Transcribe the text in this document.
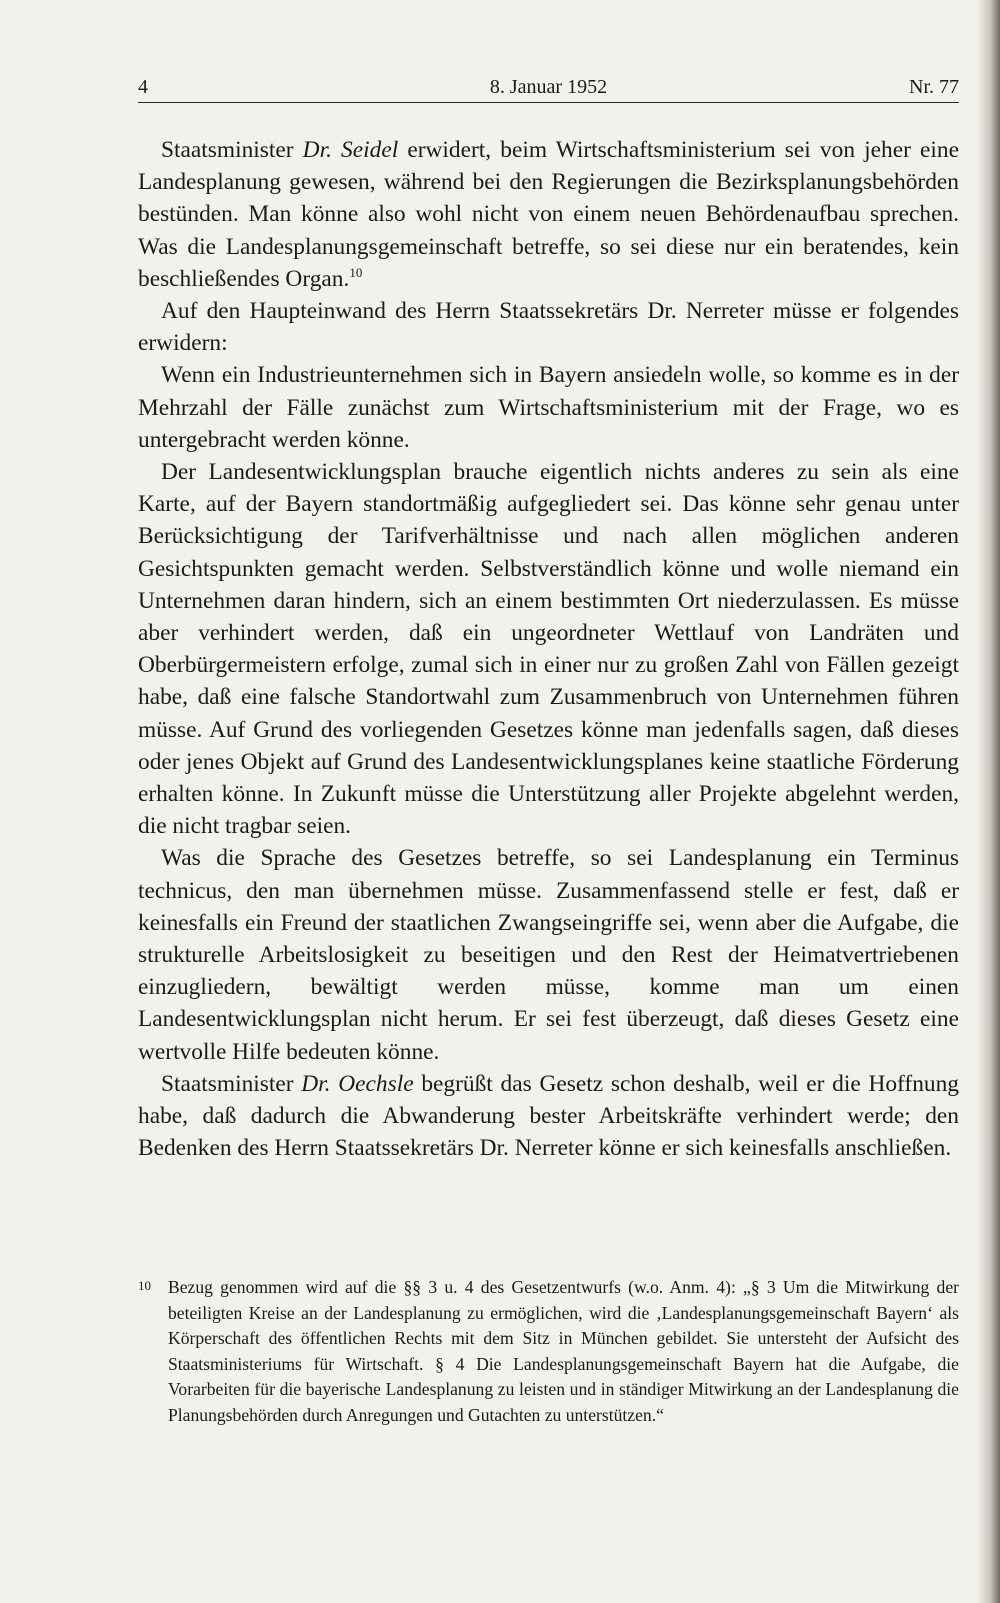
4	8. Januar 1952	Nr. 77

Staatsminister Dr. Seidel erwidert, beim Wirtschaftsministerium sei von jeher eine Landesplanung gewesen, während bei den Regierungen die Bezirksplanungsbehörden bestünden. Man könne also wohl nicht von einem neuen Behördenaufbau sprechen. Was die Landesplanungsgemeinschaft betreffe, so sei diese nur ein beratendes, kein beschließendes Organ.$^{10}$

Auf den Haupteinwand des Herrn Staatssekretärs Dr. Nerreter müsse er folgendes erwidern:

Wenn ein Industrieunternehmen sich in Bayern ansiedeln wolle, so komme es in der Mehrzahl der Fälle zunächst zum Wirtschaftsministerium mit der Frage, wo es untergebracht werden könne.

Der Landesentwicklungsplan brauche eigentlich nichts anderes zu sein als eine Karte, auf der Bayern standortmäßig aufgegliedert sei. Das könne sehr genau unter Berücksichtigung der Tarifverhältnisse und nach allen möglichen anderen Gesichtspunkten gemacht werden. Selbstverständlich könne und wolle niemand ein Unternehmen daran hindern, sich an einem bestimmten Ort niederzulassen. Es müsse aber verhindert werden, daß ein ungeordneter Wettlauf von Landräten und Oberbürgermeistern erfolge, zumal sich in einer nur zu großen Zahl von Fällen gezeigt habe, daß eine falsche Standortwahl zum Zusammenbruch von Unternehmen führen müsse. Auf Grund des vorliegenden Gesetzes könne man jedenfalls sagen, daß dieses oder jenes Objekt auf Grund des Landesentwicklungsplanes keine staatliche Förderung erhalten könne. In Zukunft müsse die Unterstützung aller Projekte abgelehnt werden, die nicht tragbar seien.

Was die Sprache des Gesetzes betreffe, so sei Landesplanung ein Terminus technicus, den man übernehmen müsse. Zusammenfassend stelle er fest, daß er keinesfalls ein Freund der staatlichen Zwangseingriffe sei, wenn aber die Aufgabe, die strukturelle Arbeitslosigkeit zu beseitigen und den Rest der Heimatvertriebenen einzugliedern, bewältigt werden müsse, komme man um einen Landesentwicklungsplan nicht herum. Er sei fest überzeugt, daß dieses Gesetz eine wertvolle Hilfe bedeuten könne.

Staatsminister Dr. Oechsle begrüßt das Gesetz schon deshalb, weil er die Hoffnung habe, daß dadurch die Abwanderung bester Arbeitskräfte verhindert werde; den Bedenken des Herrn Staatssekretärs Dr. Nerreter könne er sich keinesfalls anschließen.

10 Bezug genommen wird auf die §§ 3 u. 4 des Gesetzentwurfs (w.o. Anm. 4): „§ 3 Um die Mitwirkung der beteiligten Kreise an der Landesplanung zu ermöglichen, wird die ‚Landesplanungsgemeinschaft Bayern‘ als Körperschaft des öffentlichen Rechts mit dem Sitz in München gebildet. Sie untersteht der Aufsicht des Staatsministeriums für Wirtschaft. § 4 Die Landesplanungsgemeinschaft Bayern hat die Aufgabe, die Vorarbeiten für die bayerische Landesplanung zu leisten und in ständiger Mitwirkung an der Landesplanung die Planungsbehörden durch Anregungen und Gutachten zu unterstützen.“
